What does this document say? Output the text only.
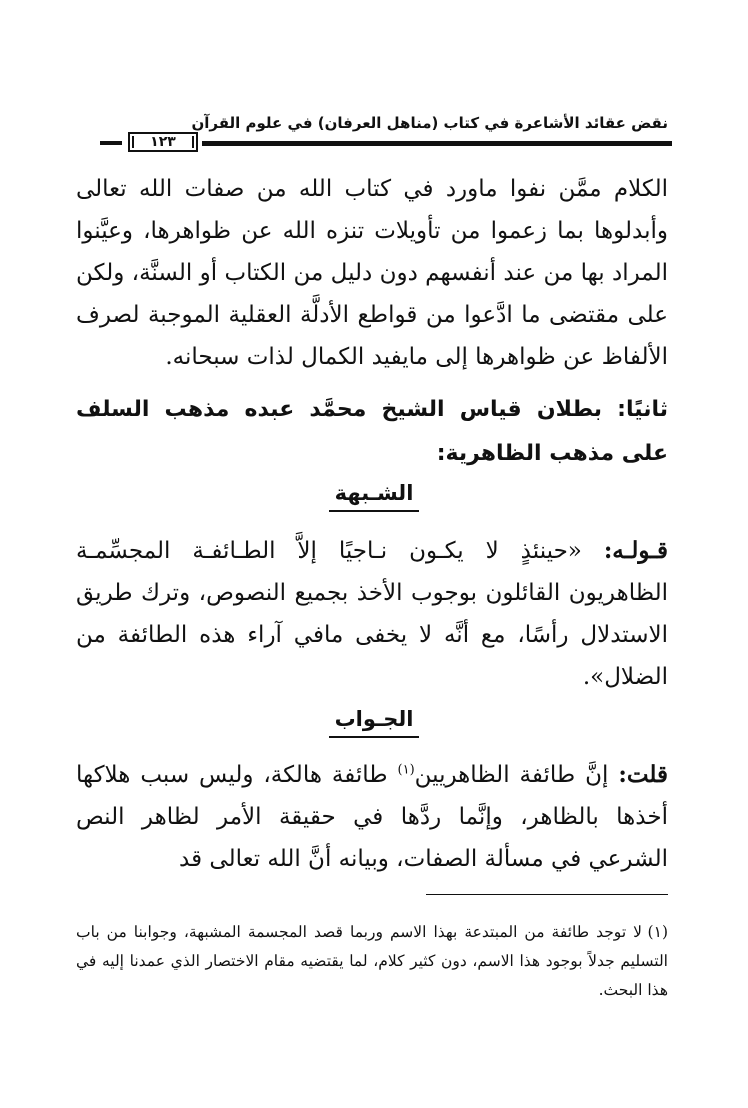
نقض عقائد الأشاعرة في كتاب (مناهل العرفان) في علوم القرآن
١٢٣

الكلام ممَّن نفوا ماورد في كتاب الله من صفات الله تعالى وأبدلوها بما زعموا من تأويلات تنزه الله عن ظواهرها، وعيَّنوا المراد بها من عند أنفسهم دون دليل من الكتاب أو السنَّة، ولكن على مقتضى ما ادَّعوا من قواطع الأدلَّة العقلية الموجبة لصرف الألفاظ عن ظواهرها إلى مايفيد الكمال لذات سبحانه.

ثانيًا: بطلان قياس الشيخ محمَّد عبده مذهب السلف على مذهب الظاهرية:

الشـبهة

قـولـه: «حينئذٍ لا يكـون نـاجيًا إلاَّ الطـائفـة المجسِّمـة الظاهريون القائلون بوجوب الأخذ بجميع النصوص، وترك طريق الاستدلال رأسًا، مع أنَّه لا يخفى مافي آراء هذه الطائفة من الضلال».

الجـواب

قلت: إنَّ طائفة الظاهريين$^{(١)}$ طائفة هالكة، وليس سبب هلاكها أخذها بالظاهر، وإنَّما ردَّها في حقيقة الأمر لظاهر النص الشرعي في مسألة الصفات، وبيانه أنَّ الله تعالى قد

(١)لا توجد طائفة من المبتدعة بهذا الاسم وربما قصد المجسمة المشبهة، وجوابنا من باب التسليم جدلاً بوجود هذا الاسم، دون كثير كلام، لما يقتضيه مقام الاختصار الذي عمدنا إليه في هذا البحث.
